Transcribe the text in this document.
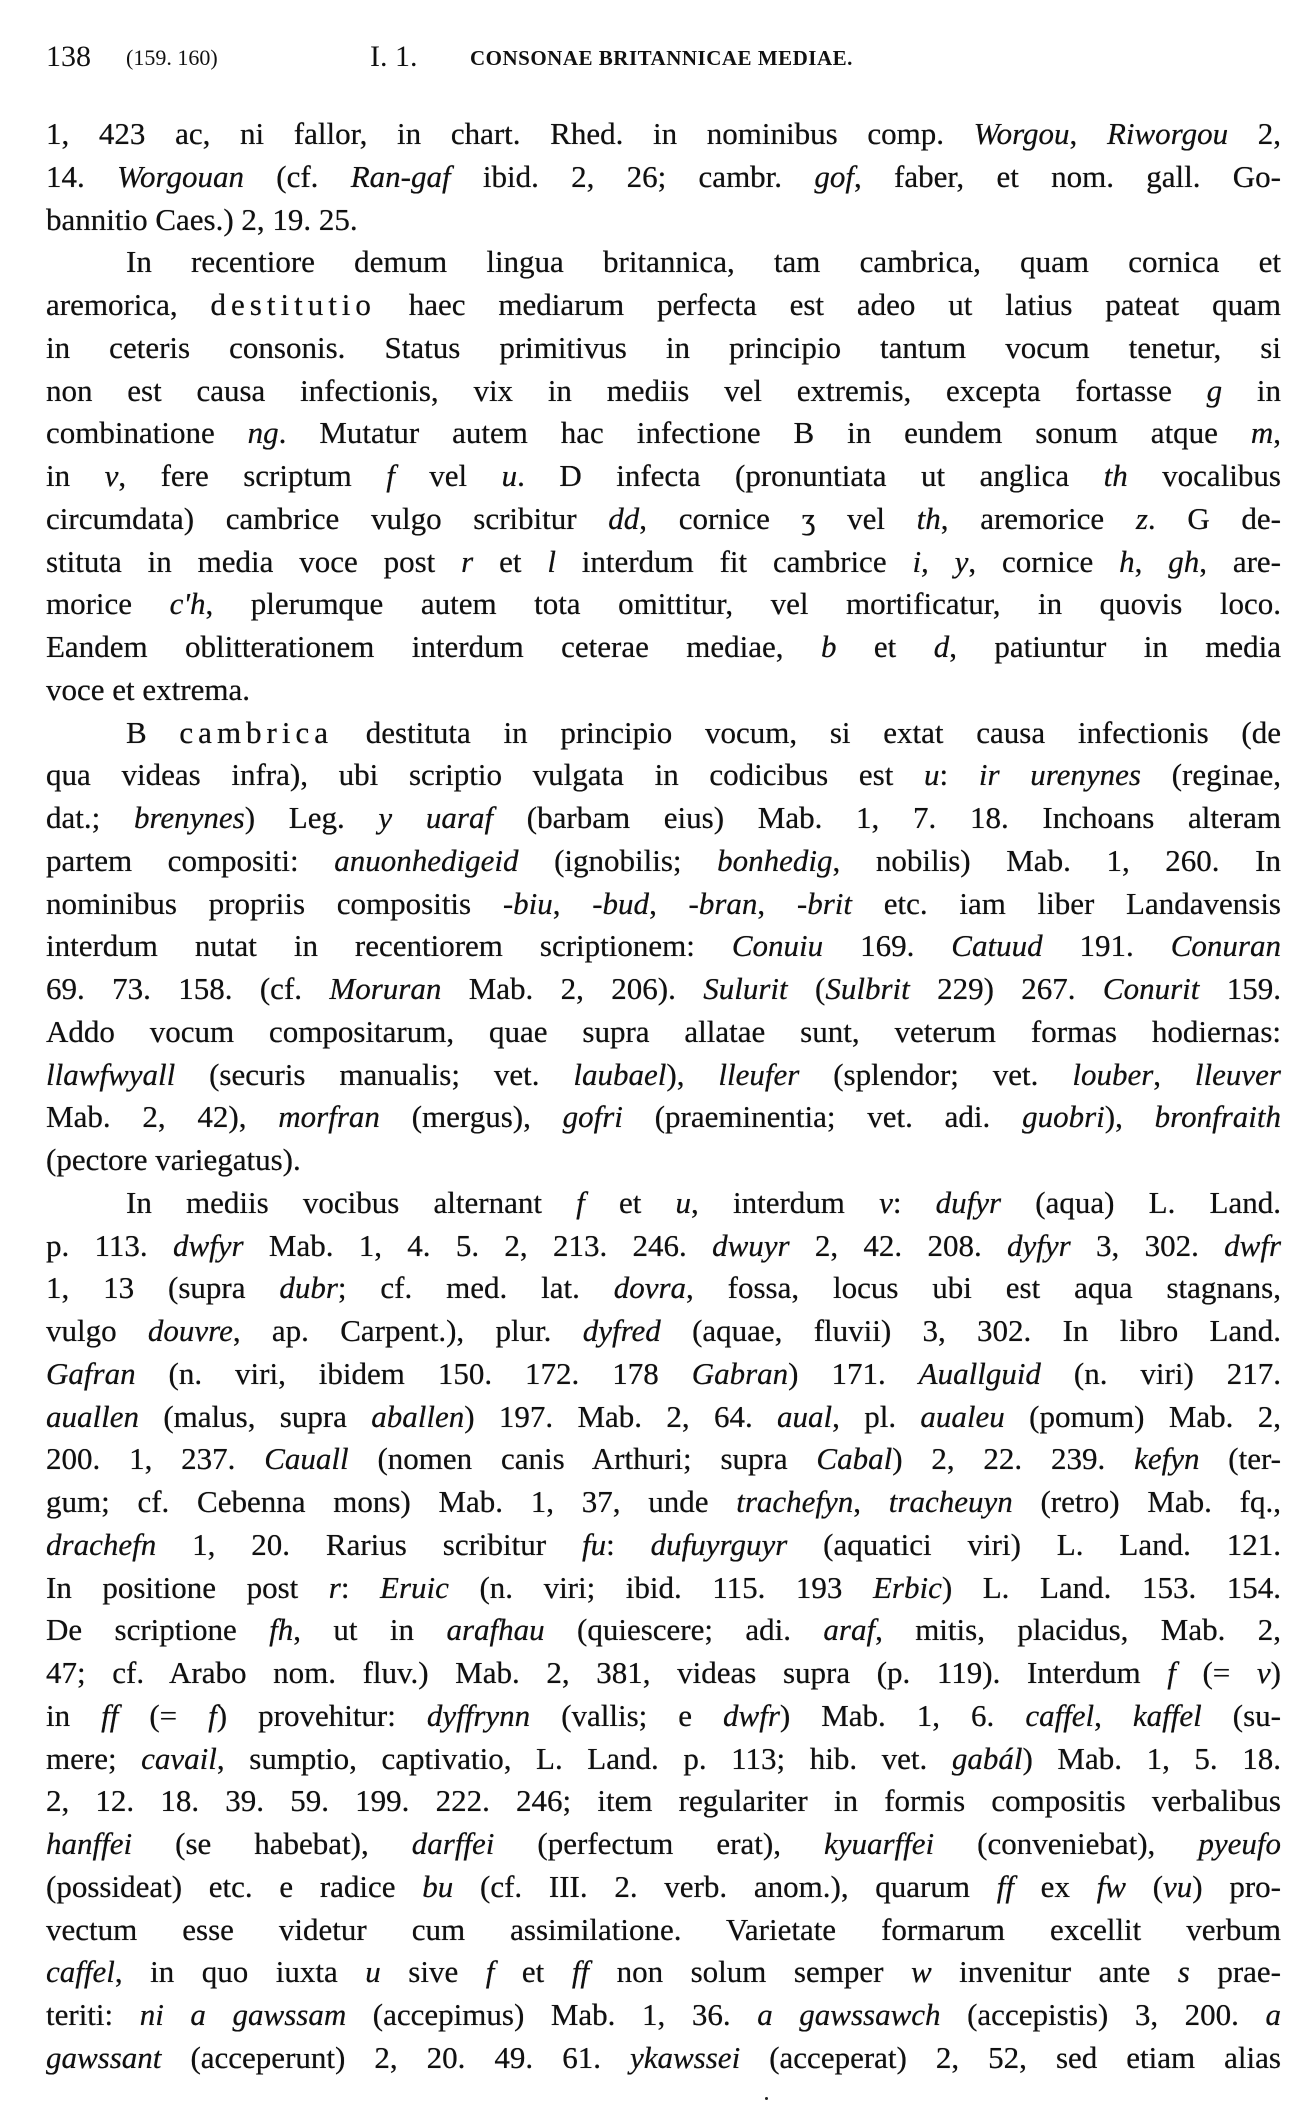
138 (159. 160)	I. 1.	CONSONAE BRITANNICAE MEDIAE.
1, 423 ac, ni fallor, in chart. Rhed. in nominibus comp. Worgou, Riworgou 2,
14. Worgouan (cf. Ran-gaf ibid. 2, 26; cambr. gof, faber, et nom. gall. Go-
bannitio Caes.) 2, 19. 25.
In recentiore demum lingua britannica, tam cambrica, quam cornica et
aremorica, destitutio haec mediarum perfecta est adeo ut latius pateat quam
in ceteris consonis. Status primitivus in principio tantum vocum tenetur, si
non est causa infectionis, vix in mediis vel extremis, excepta fortasse g in
combinatione ng. Mutatur autem hac infectione B in eundem sonum atque m,
in v, fere scriptum f vel u. D infecta (pronuntiata ut anglica th vocalibus
circumdata) cambrice vulgo scribitur dd, cornice ʒ vel th, aremorice z. G de-
stituta in media voce post r et l interdum fit cambrice i, y, cornice h, gh, are-
morice c'h, plerumque autem tota omittitur, vel mortificatur, in quovis loco.
Eandem oblitterationem interdum ceterae mediae, b et d, patiuntur in media
voce et extrema.
B cambrica destituta in principio vocum, si extat causa infectionis (de
qua videas infra), ubi scriptio vulgata in codicibus est u: ir urenynes (reginae,
dat.; brenynes) Leg. y uaraf (barbam eius) Mab. 1, 7. 18. Inchoans alteram
partem compositi: anuonhedigeid (ignobilis; bonhedig, nobilis) Mab. 1, 260. In
nominibus propriis compositis -biu, -bud, -bran, -brit etc. iam liber Landavensis
interdum nutat in recentiorem scriptionem: Conuiu 169. Catuud 191. Conuran
69. 73. 158. (cf. Moruran Mab. 2, 206). Sulurit (Sulbrit 229) 267. Conurit 159.
Addo vocum compositarum, quae supra allatae sunt, veterum formas hodiernas:
llawfwyall (securis manualis; vet. laubael), lleufer (splendor; vet. louber, lleuver
Mab. 2, 42), morfran (mergus), gofri (praeminentia; vet. adi. guobri), bronfraith
(pectore variegatus).
In mediis vocibus alternant f et u, interdum v: dufyr (aqua) L. Land.
p. 113. dwfyr Mab. 1, 4. 5. 2, 213. 246. dwuyr 2, 42. 208. dyfyr 3, 302. dwfr
1, 13 (supra dubr; cf. med. lat. dovra, fossa, locus ubi est aqua stagnans,
vulgo douvre, ap. Carpent.), plur. dyfred (aquae, fluvii) 3, 302. In libro Land.
Gafran (n. viri, ibidem 150. 172. 178 Gabran) 171. Auallguid (n. viri) 217.
auallen (malus, supra aballen) 197. Mab. 2, 64. aual, pl. aualeu (pomum) Mab. 2,
200. 1, 237. Cauall (nomen canis Arthuri; supra Cabal) 2, 22. 239. kefyn (ter-
gum; cf. Cebenna mons) Mab. 1, 37, unde trachefyn, tracheuyn (retro) Mab. fq.,
drachefn 1, 20. Rarius scribitur fu: dufuyrguyr (aquatici viri) L. Land. 121.
In positione post r: Eruic (n. viri; ibid. 115. 193 Erbic) L. Land. 153. 154.
De scriptione fh, ut in arafhau (quiescere; adi. araf, mitis, placidus, Mab. 2,
47; cf. Arabo nom. fluv.) Mab. 2, 381, videas supra (p. 119). Interdum f (= v)
in ff (= f) provehitur: dyffrynn (vallis; e dwfr) Mab. 1, 6. caffel, kaffel (su-
mere; cavail, sumptio, captivatio, L. Land. p. 113; hib. vet. gabál) Mab. 1, 5. 18.
2, 12. 18. 39. 59. 199. 222. 246; item regulariter in formis compositis verbalibus
hanffei (se habebat), darffei (perfectum erat), kyuarffei (conveniebat), pyeufo
(possideat) etc. e radice bu (cf. III. 2. verb. anom.), quarum ff ex fw (vu) pro-
vectum esse videtur cum assimilatione. Varietate formarum excellit verbum
caffel, in quo iuxta u sive f et ff non solum semper w invenitur ante s prae-
teriti: ni a gawssam (accepimus) Mab. 1, 36. a gawssawch (accepistis) 3, 200. a
gawssant (acceperunt) 2, 20. 49. 61. ykawssei (acceperat) 2, 52, sed etiam alias
